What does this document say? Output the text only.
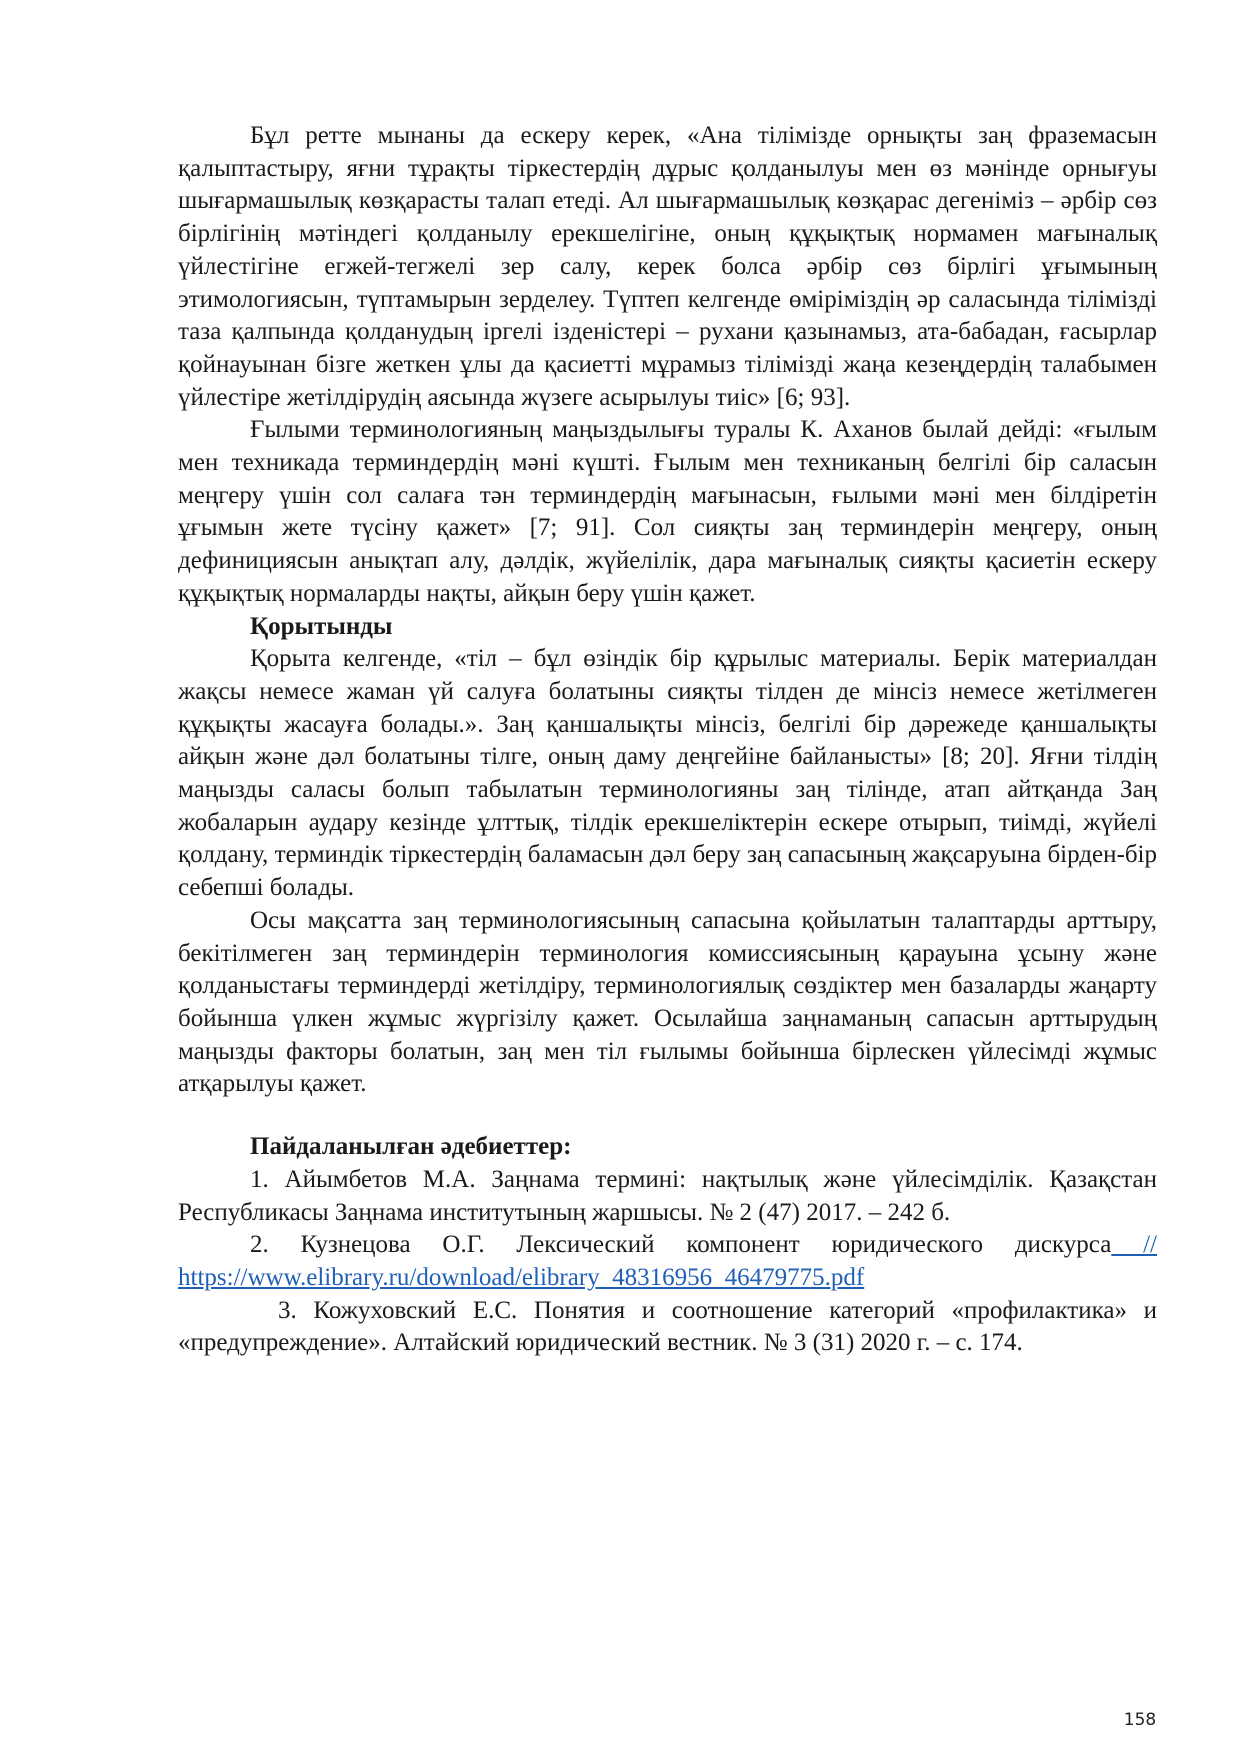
Бұл ретте мынаны да ескеру керек, «Ана тілімізде орнықты заң фраземасын қалыптастыру, яғни тұрақты тіркестердің дұрыс қолданылуы мен өз мәнінде орнығуы шығармашылық көзқарасты талап етеді. Ал шығармашылық көзқарас дегеніміз – әрбір сөз бірлігінің мәтіндегі қолданылу ерекшелігіне, оның құқықтық нормамен мағыналық үйлестігіне егжей-тегжелі зер салу, керек болса әрбір сөз бірлігі ұғымының этимологиясын, түптамырын зерделеу. Түптеп келгенде өміріміздің әр саласында тілімізді таза қалпында қолданудың іргелі ізденістері – рухани қазынамыз, ата-бабадан, ғасырлар қойнауынан бізге жеткен ұлы да қасиетті мұрамыз тілімізді жаңа кезеңдердің талабымен үйлестіре жетілдірудің аясында жүзеге асырылуы тиіс» [6; 93].

Ғылыми терминологияның маңыздылығы туралы К. Аханов былай дейді: «ғылым мен техникада терминдердің мәні күшті. Ғылым мен техниканың белгілі бір саласын меңгеру үшін сол салаға тән терминдердің мағынасын, ғылыми мәні мен білдіретін ұғымын жете түсіну қажет» [7; 91]. Сол сияқты заң терминдерін меңгеру, оның дефинициясын анықтап алу, дәлдік, жүйелілік, дара мағыналық сияқты қасиетін ескеру құқықтық нормаларды нақты, айқын беру үшін қажет.

Қорытынды

Қорыта келгенде, «тіл – бұл өзіндік бір құрылыс материалы. Берік материалдан жақсы немесе жаман үй салуға болатыны сияқты тілден де мінсіз немесе жетілмеген құқықты жасауға болады.». Заң қаншалықты мінсіз, белгілі бір дәрежеде қаншалықты айқын және дәл болатыны тілге, оның даму деңгейіне байланысты» [8; 20]. Яғни тілдің маңызды саласы болып табылатын терминологияны заң тілінде, атап айтқанда Заң жобаларын аудару кезінде ұлттық, тілдік ерекшеліктерін ескере отырып, тиімді, жүйелі қолдану, терминдік тіркестердің баламасын дәл беру заң сапасының жақсаруына бірден-бір себепші болады.

Осы мақсатта заң терминологиясының сапасына қойылатын талаптарды арттыру, бекітілмеген заң терминдерін терминология комиссиясының қарауына ұсыну және қолданыстағы терминдерді жетілдіру, терминологиялық сөздіктер мен базаларды жаңарту бойынша үлкен жұмыс жүргізілу қажет. Осылайша заңнаманың сапасын арттырудың маңызды факторы болатын, заң мен тіл ғылымы бойынша бірлескен үйлесімді жұмыс атқарылуы қажет.

Пайдаланылған әдебиеттер:

1. Айымбетов М.А. Заңнама термині: нақтылық және үйлесімділік. Қазақстан Республикасы Заңнама институтының жаршысы. № 2 (47) 2017. – 242 б.

2. Кузнецова О.Г. Лексический компонент юридического дискурса // https://www.elibrary.ru/download/elibrary_48316956_46479775.pdf

3. Кожуховский Е.С. Понятия и соотношение категорий «профилактика» и «предупреждение». Алтайский юридический вестник. № 3 (31) 2020 г. – с. 174.

158
